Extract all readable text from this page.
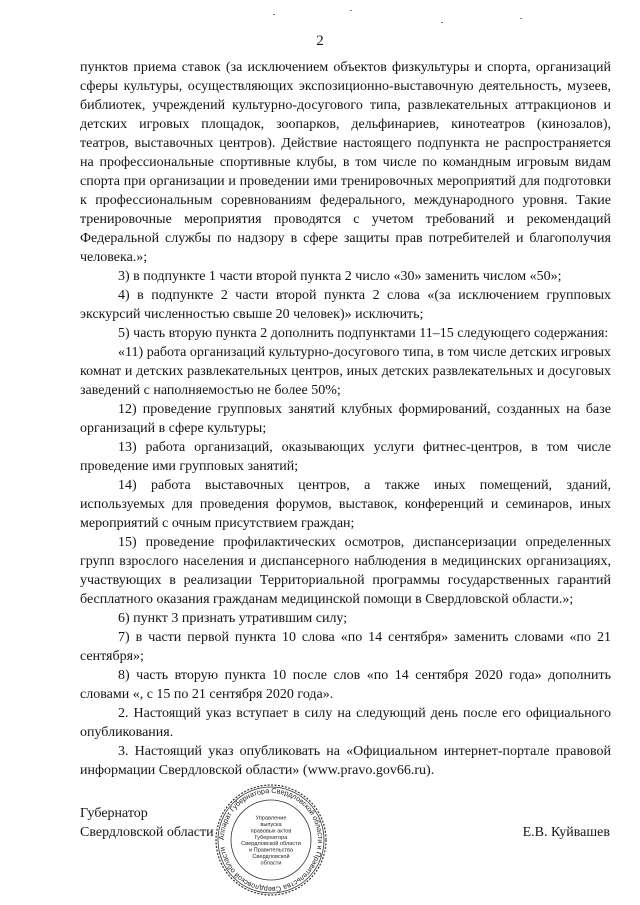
2

пунктов приема ставок (за исключением объектов физкультуры и спорта, организаций сферы культуры, осуществляющих экспозиционно-выставочную деятельность, музеев, библиотек, учреждений культурно-досугового типа, развлекательных аттракционов и детских игровых площадок, зоопарков, дельфинариев, кинотеатров (кинозалов), театров, выставочных центров). Действие настоящего подпункта не распространяется на профессиональные спортивные клубы, в том числе по командным игровым видам спорта при организации и проведении ими тренировочных мероприятий для подготовки к профессиональным соревнованиям федерального, международного уровня. Такие тренировочные мероприятия проводятся с учетом требований и рекомендаций Федеральной службы по надзору в сфере защиты прав потребителей и благополучия человека.»;

3) в подпункте 1 части второй пункта 2 число «30» заменить числом «50»;

4) в подпункте 2 части второй пункта 2 слова «(за исключением групповых экскурсий численностью свыше 20 человек)» исключить;

5) часть вторую пункта 2 дополнить подпунктами 11–15 следующего содержания:

«11) работа организаций культурно-досугового типа, в том числе детских игровых комнат и детских развлекательных центров, иных детских развлекательных и досуговых заведений с наполняемостью не более 50%;

12) проведение групповых занятий клубных формирований, созданных на базе организаций в сфере культуры;

13) работа организаций, оказывающих услуги фитнес-центров, в том числе проведение ими групповых занятий;

14) работа выставочных центров, а также иных помещений, зданий, используемых для проведения форумов, выставок, конференций и семинаров, иных мероприятий с очным присутствием граждан;

15) проведение профилактических осмотров, диспансеризации определенных групп взрослого населения и диспансерного наблюдения в медицинских организациях, участвующих в реализации Территориальной программы государственных гарантий бесплатного оказания гражданам медицинской помощи в Свердловской области.»;

6) пункт 3 признать утратившим силу;

7) в части первой пункта 10 слова «по 14 сентября» заменить словами «по 21 сентября»;

8) часть вторую пункта 10 после слов «по 14 сентября 2020 года» дополнить словами «, с 15 по 21 сентября 2020 года».

2. Настоящий указ вступает в силу на следующий день после его официального опубликования.

3. Настоящий указ опубликовать на «Официальном интернет-портале правовой информации Свердловской области» (www.pravo.gov66.ru).

Губернатор
Свердловской области	Е.В. Куйвашев
Аппарат Губернатора Свердловской области и Правительства Свердловской области
Управление
выпуска
правовых актов
Губернатора
Свердловской области
и Правительства
Свердловской
области
